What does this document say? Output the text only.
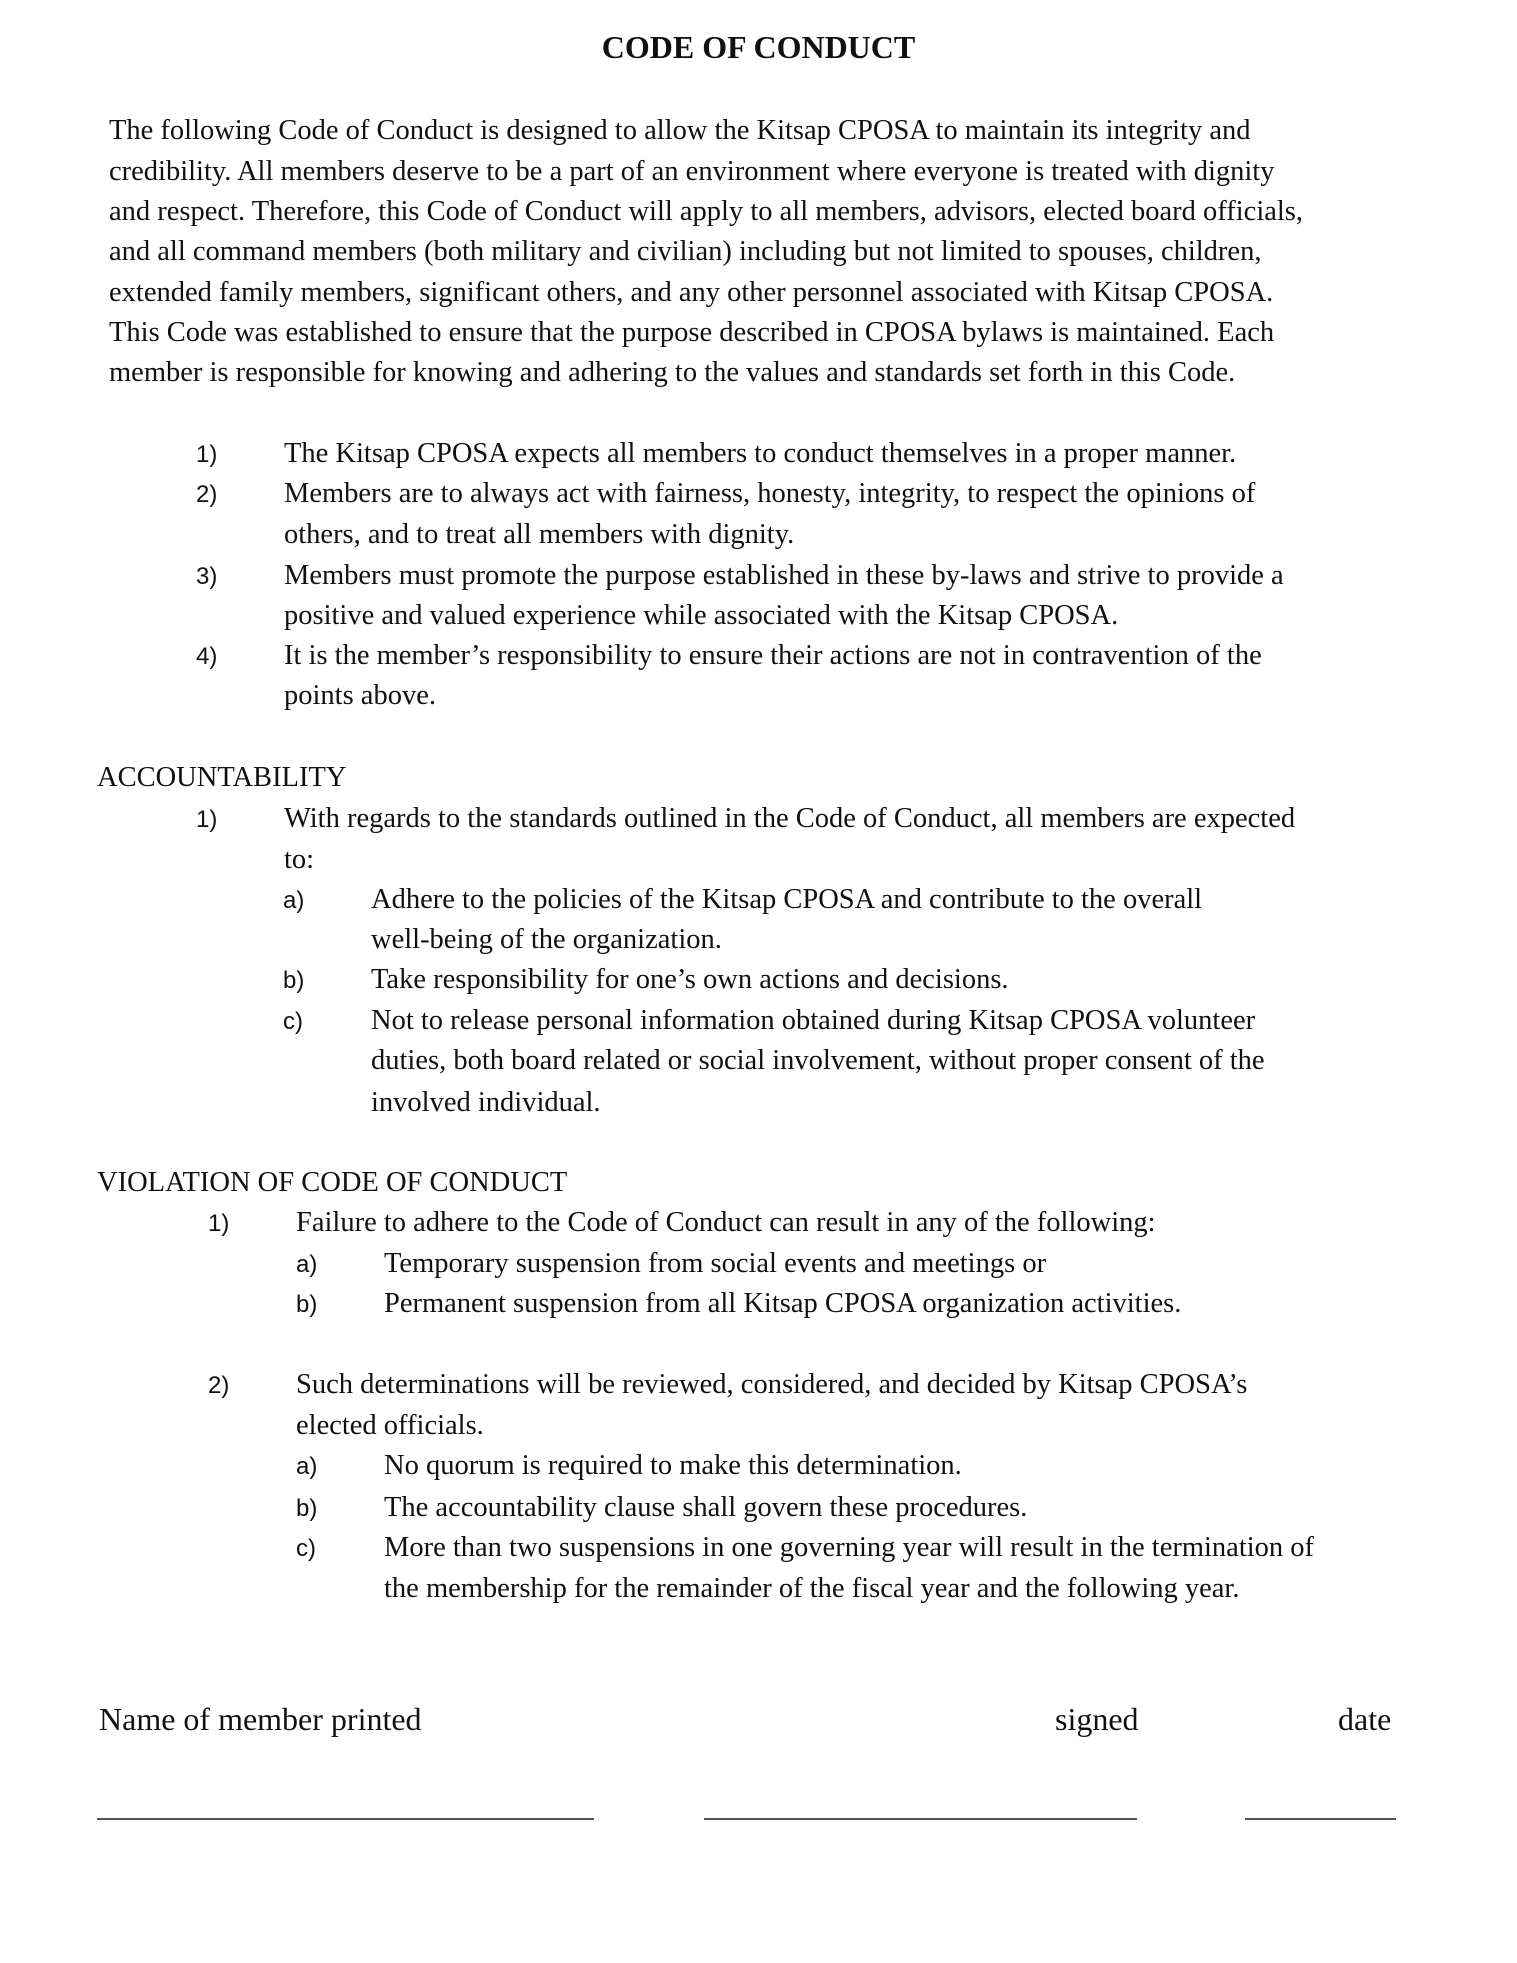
CODE OF CONDUCT
The following Code of Conduct is designed to allow the Kitsap CPOSA to maintain its integrity and
credibility. All members deserve to be a part of an environment where everyone is treated with dignity
and respect. Therefore, this Code of Conduct will apply to all members, advisors, elected board officials,
and all command members (both military and civilian) including but not limited to spouses, children,
extended family members, significant others, and any other personnel associated with Kitsap CPOSA.
This Code was established to ensure that the purpose described in CPOSA bylaws is maintained. Each
member is responsible for knowing and adhering to the values and standards set forth in this Code.
1) The Kitsap CPOSA expects all members to conduct themselves in a proper manner.
2) Members are to always act with fairness, honesty, integrity, to respect the opinions of
others, and to treat all members with dignity.
3) Members must promote the purpose established in these by-laws and strive to provide a
positive and valued experience while associated with the Kitsap CPOSA.
4) It is the member’s responsibility to ensure their actions are not in contravention of the
points above.
ACCOUNTABILITY
1) With regards to the standards outlined in the Code of Conduct, all members are expected
to:
a) Adhere to the policies of the Kitsap CPOSA and contribute to the overall
well-being of the organization.
b) Take responsibility for one’s own actions and decisions.
c) Not to release personal information obtained during Kitsap CPOSA volunteer
duties, both board related or social involvement, without proper consent of the
involved individual.
VIOLATION OF CODE OF CONDUCT
1) Failure to adhere to the Code of Conduct can result in any of the following:
a) Temporary suspension from social events and meetings or
b) Permanent suspension from all Kitsap CPOSA organization activities.
2) Such determinations will be reviewed, considered, and decided by Kitsap CPOSA’s
elected officials.
a) No quorum is required to make this determination.
b) The accountability clause shall govern these procedures.
c) More than two suspensions in one governing year will result in the termination of
the membership for the remainder of the fiscal year and the following year.
Name of member printed	signed	date
